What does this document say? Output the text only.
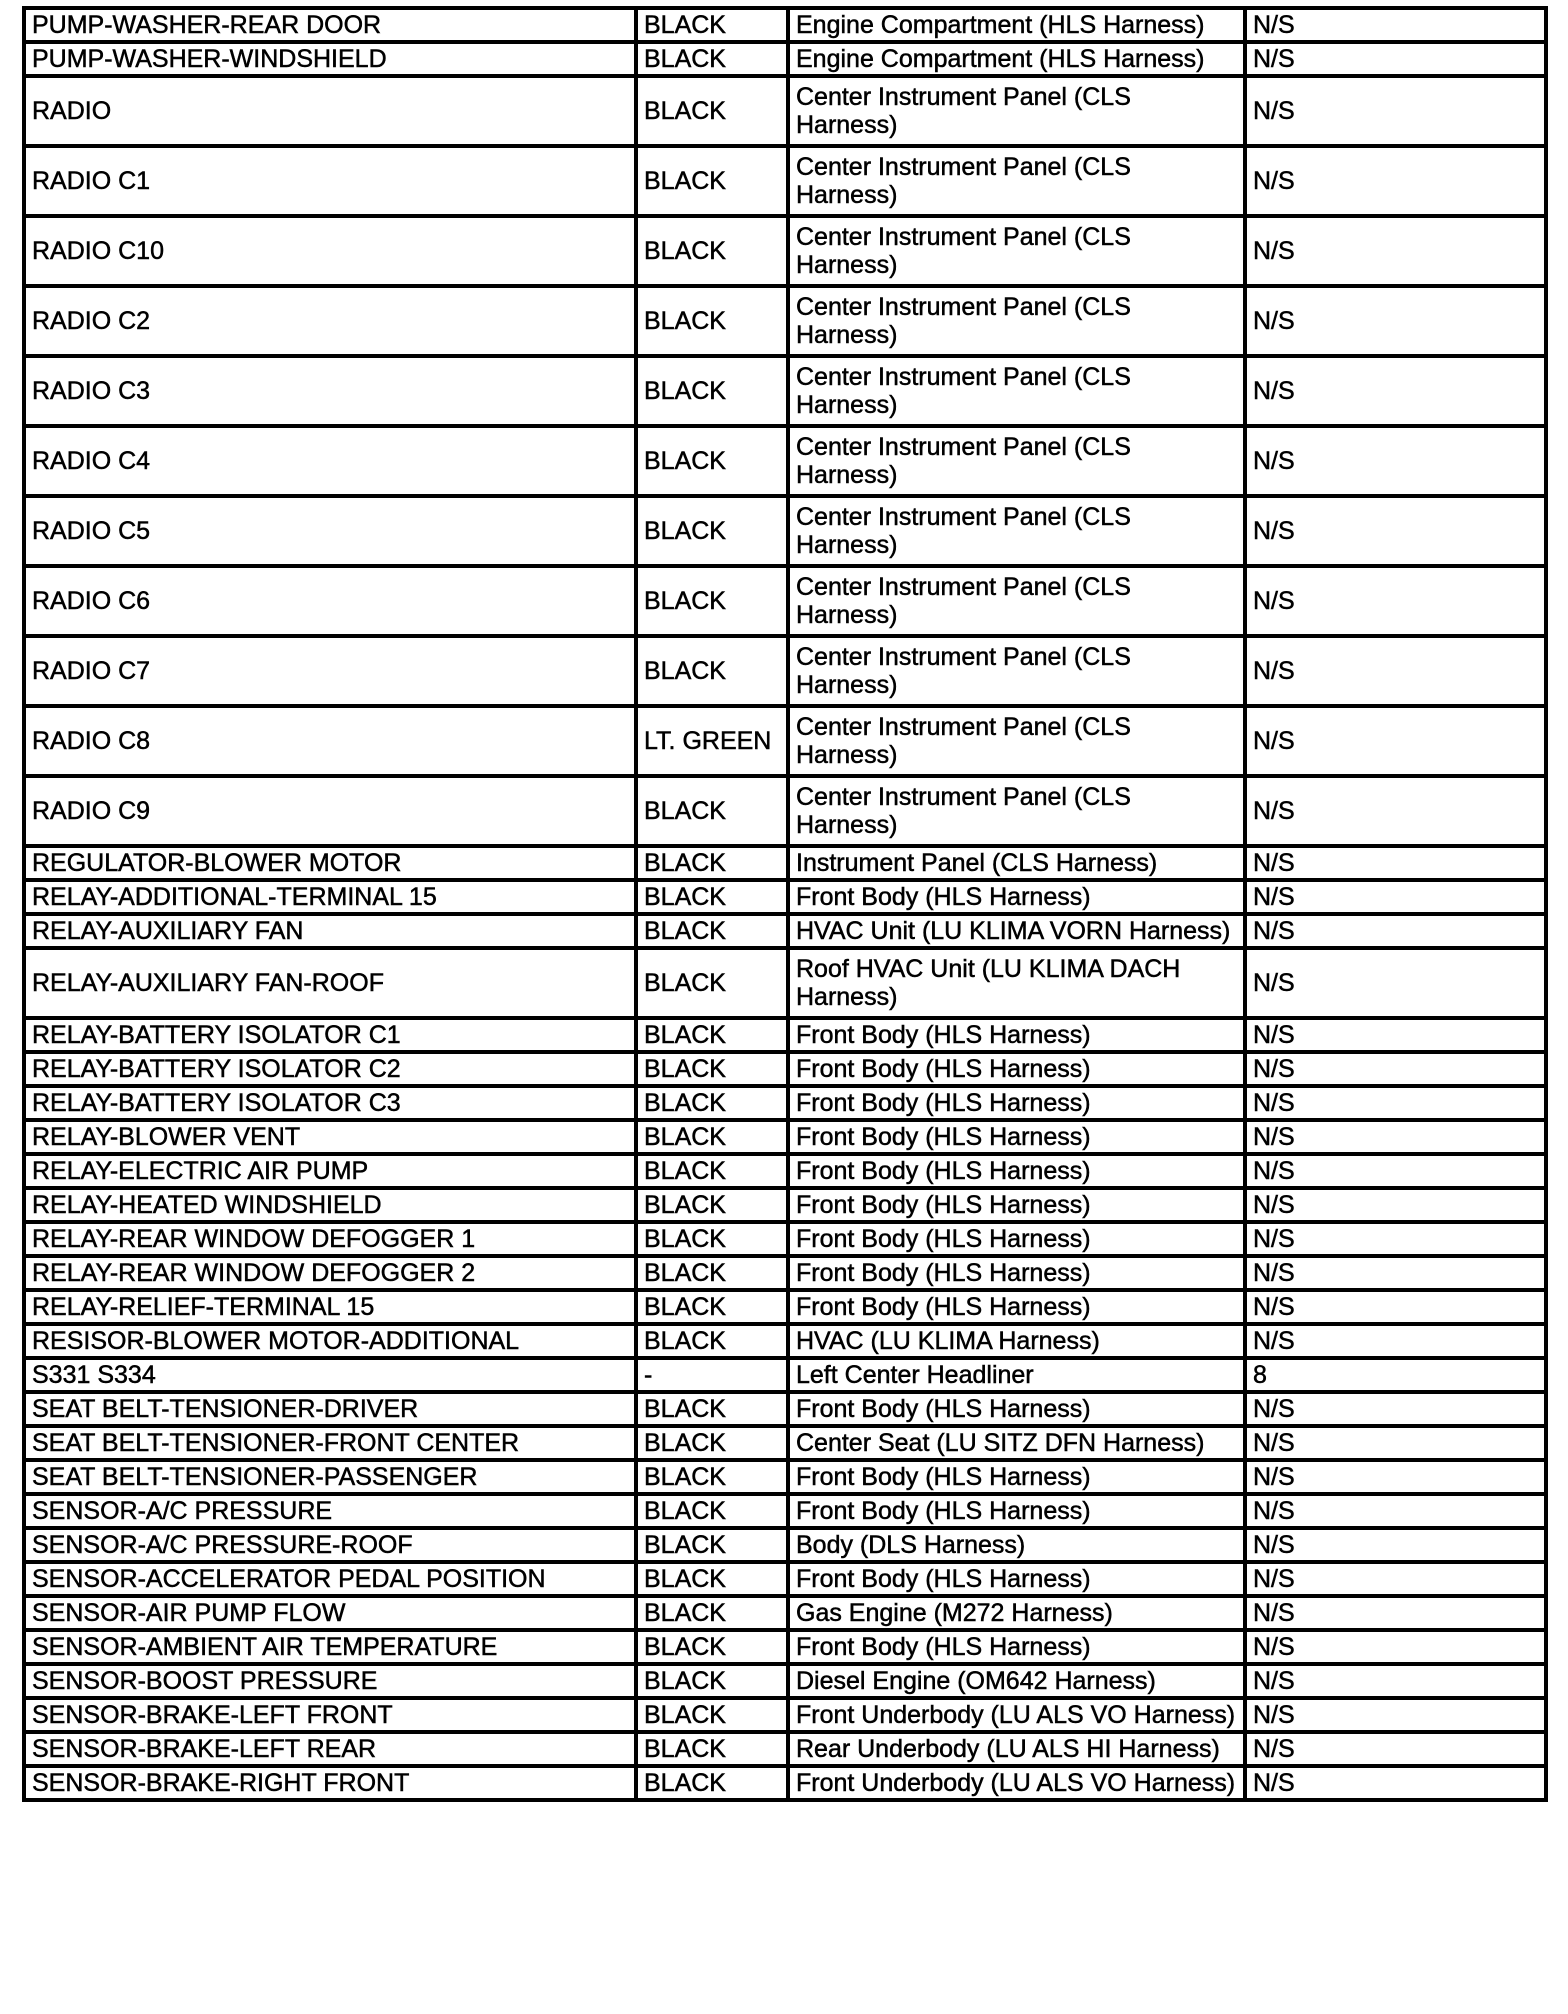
PUMP-WASHER-REAR DOOR	BLACK	Engine Compartment (HLS Harness)	N/S
PUMP-WASHER-WINDSHIELD	BLACK	Engine Compartment (HLS Harness)	N/S
RADIO	BLACK	Center Instrument Panel (CLS Harness)	N/S
RADIO C1	BLACK	Center Instrument Panel (CLS Harness)	N/S
RADIO C10	BLACK	Center Instrument Panel (CLS Harness)	N/S
RADIO C2	BLACK	Center Instrument Panel (CLS Harness)	N/S
RADIO C3	BLACK	Center Instrument Panel (CLS Harness)	N/S
RADIO C4	BLACK	Center Instrument Panel (CLS Harness)	N/S
RADIO C5	BLACK	Center Instrument Panel (CLS Harness)	N/S
RADIO C6	BLACK	Center Instrument Panel (CLS Harness)	N/S
RADIO C7	BLACK	Center Instrument Panel (CLS Harness)	N/S
RADIO C8	LT. GREEN	Center Instrument Panel (CLS Harness)	N/S
RADIO C9	BLACK	Center Instrument Panel (CLS Harness)	N/S
REGULATOR-BLOWER MOTOR	BLACK	Instrument Panel (CLS Harness)	N/S
RELAY-ADDITIONAL-TERMINAL 15	BLACK	Front Body (HLS Harness)	N/S
RELAY-AUXILIARY FAN	BLACK	HVAC Unit (LU KLIMA VORN Harness)	N/S
RELAY-AUXILIARY FAN-ROOF	BLACK	Roof HVAC Unit (LU KLIMA DACH Harness)	N/S
RELAY-BATTERY ISOLATOR C1	BLACK	Front Body (HLS Harness)	N/S
RELAY-BATTERY ISOLATOR C2	BLACK	Front Body (HLS Harness)	N/S
RELAY-BATTERY ISOLATOR C3	BLACK	Front Body (HLS Harness)	N/S
RELAY-BLOWER VENT	BLACK	Front Body (HLS Harness)	N/S
RELAY-ELECTRIC AIR PUMP	BLACK	Front Body (HLS Harness)	N/S
RELAY-HEATED WINDSHIELD	BLACK	Front Body (HLS Harness)	N/S
RELAY-REAR WINDOW DEFOGGER 1	BLACK	Front Body (HLS Harness)	N/S
RELAY-REAR WINDOW DEFOGGER 2	BLACK	Front Body (HLS Harness)	N/S
RELAY-RELIEF-TERMINAL 15	BLACK	Front Body (HLS Harness)	N/S
RESISOR-BLOWER MOTOR-ADDITIONAL	BLACK	HVAC (LU KLIMA Harness)	N/S
S331 S334	-	Left Center Headliner	8
SEAT BELT-TENSIONER-DRIVER	BLACK	Front Body (HLS Harness)	N/S
SEAT BELT-TENSIONER-FRONT CENTER	BLACK	Center Seat (LU SITZ DFN Harness)	N/S
SEAT BELT-TENSIONER-PASSENGER	BLACK	Front Body (HLS Harness)	N/S
SENSOR-A/C PRESSURE	BLACK	Front Body (HLS Harness)	N/S
SENSOR-A/C PRESSURE-ROOF	BLACK	Body (DLS Harness)	N/S
SENSOR-ACCELERATOR PEDAL POSITION	BLACK	Front Body (HLS Harness)	N/S
SENSOR-AIR PUMP FLOW	BLACK	Gas Engine (M272 Harness)	N/S
SENSOR-AMBIENT AIR TEMPERATURE	BLACK	Front Body (HLS Harness)	N/S
SENSOR-BOOST PRESSURE	BLACK	Diesel Engine (OM642 Harness)	N/S
SENSOR-BRAKE-LEFT FRONT	BLACK	Front Underbody (LU ALS VO Harness)	N/S
SENSOR-BRAKE-LEFT REAR	BLACK	Rear Underbody (LU ALS HI Harness)	N/S
SENSOR-BRAKE-RIGHT FRONT	BLACK	Front Underbody (LU ALS VO Harness)	N/S
